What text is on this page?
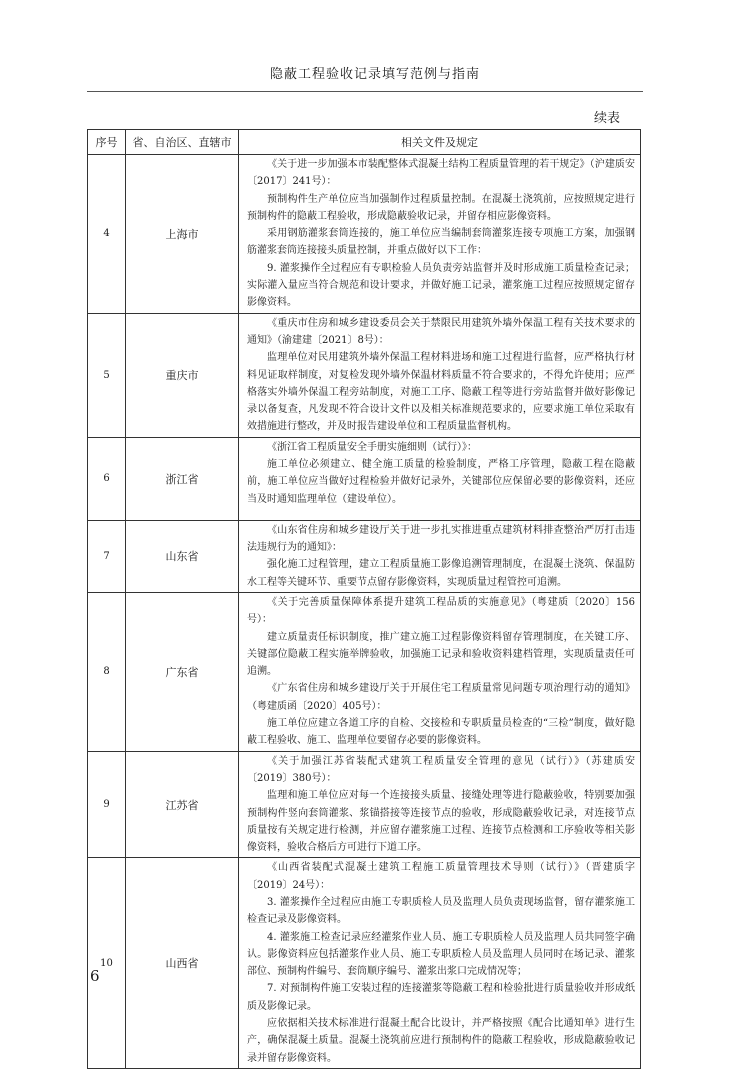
隐蔽工程验收记录填写范例与指南
续表
序号	省、自治区、直辖市	相关文件及规定
4	上海市	《关于进一步加强本市装配整体式混凝土结构工程质量管理的若干规定》（沪建质安〔2017〕241号）：

预制构件生产单位应当加强制作过程质量控制。在混凝土浇筑前，应按照规定进行预制构件的隐蔽工程验收，形成隐蔽验收记录，并留存相应影像资料。

采用钢筋灌浆套筒连接的，施工单位应当编制套筒灌浆连接专项施工方案，加强钢筋灌浆套筒连接接头质量控制，并重点做好以下工作：

9. 灌浆操作全过程应有专职检验人员负责旁站监督并及时形成施工质量检查记录；实际灌入量应当符合规范和设计要求，并做好施工记录，灌浆施工过程应按照规定留存影像资料。

5	重庆市	《重庆市住房和城乡建设委员会关于禁限民用建筑外墙外保温工程有关技术要求的通知》（渝建建〔2021〕8号）：

监理单位对民用建筑外墙外保温工程材料进场和施工过程进行监督，应严格执行材料见证取样制度，对复检发现外墙外保温材料质量不符合要求的，不得允许使用；应严格落实外墙外保温工程旁站制度，对施工工序、隐蔽工程等进行旁站监督并做好影像记录以备复查，凡发现不符合设计文件以及相关标准规范要求的，应要求施工单位采取有效措施进行整改，并及时报告建设单位和工程质量监督机构。

6	浙江省	《浙江省工程质量安全手册实施细则（试行）》：

施工单位必须建立、健全施工质量的检验制度，严格工序管理，隐蔽工程在隐蔽前，施工单位应当做好过程检验并做好记录外，关键部位应保留必要的影像资料，还应当及时通知监理单位（建设单位）。

7	山东省	《山东省住房和城乡建设厅关于进一步扎实推进重点建筑材料排查整治严厉打击违法违规行为的通知》：

强化施工过程管理，建立工程质量施工影像追溯管理制度，在混凝土浇筑、保温防水工程等关键环节、重要节点留存影像资料，实现质量过程管控可追溯。

8	广东省	《关于完善质量保障体系提升建筑工程品质的实施意见》（粤建质〔2020〕156号）：

建立质量责任标识制度，推广建立施工过程影像资料留存管理制度，在关键工序、关键部位隐蔽工程实施举牌验收，加强施工记录和验收资料建档管理，实现质量责任可追溯。

《广东省住房和城乡建设厅关于开展住宅工程质量常见问题专项治理行动的通知》（粤建质函〔2020〕405号）：

施工单位应建立各道工序的自检、交接检和专职质量员检查的“三检”制度，做好隐蔽工程验收、施工、监理单位要留存必要的影像资料。

9	江苏省	《关于加强江苏省装配式建筑工程质量安全管理的意见（试行）》（苏建质安〔2019〕380号）：

监理和施工单位应对每一个连接接头质量、接缝处理等进行隐蔽验收，特别要加强预制构件竖向套筒灌浆、浆锚搭接等连接节点的验收，形成隐蔽验收记录，对连接节点质量按有关规定进行检测，并应留存灌浆施工过程、连接节点检测和工序验收等相关影像资料，验收合格后方可进行下道工序。

10	山西省	《山西省装配式混凝土建筑工程施工质量管理技术导则（试行）》（晋建质字〔2019〕24号）：

3. 灌浆操作全过程应由施工专职质检人员及监理人员负责现场监督，留存灌浆施工检查记录及影像资料。

4. 灌浆施工检查记录应经灌浆作业人员、施工专职质检人员及监理人员共同签字确认。影像资料应包括灌浆作业人员、施工专职质检人员及监理人员同时在场记录、灌浆部位、预制构件编号、套筒顺序编号、灌浆出浆口完成情况等；

7. 对预制构件施工安装过程的连接灌浆等隐蔽工程和检验批进行质量验收并形成纸质及影像记录。

应依据相关技术标准进行混凝土配合比设计，并严格按照《配合比通知单》进行生产，确保混凝土质量。混凝土浇筑前应进行预制构件的隐蔽工程验收，形成隐蔽验收记录并留存影像资料。

6
